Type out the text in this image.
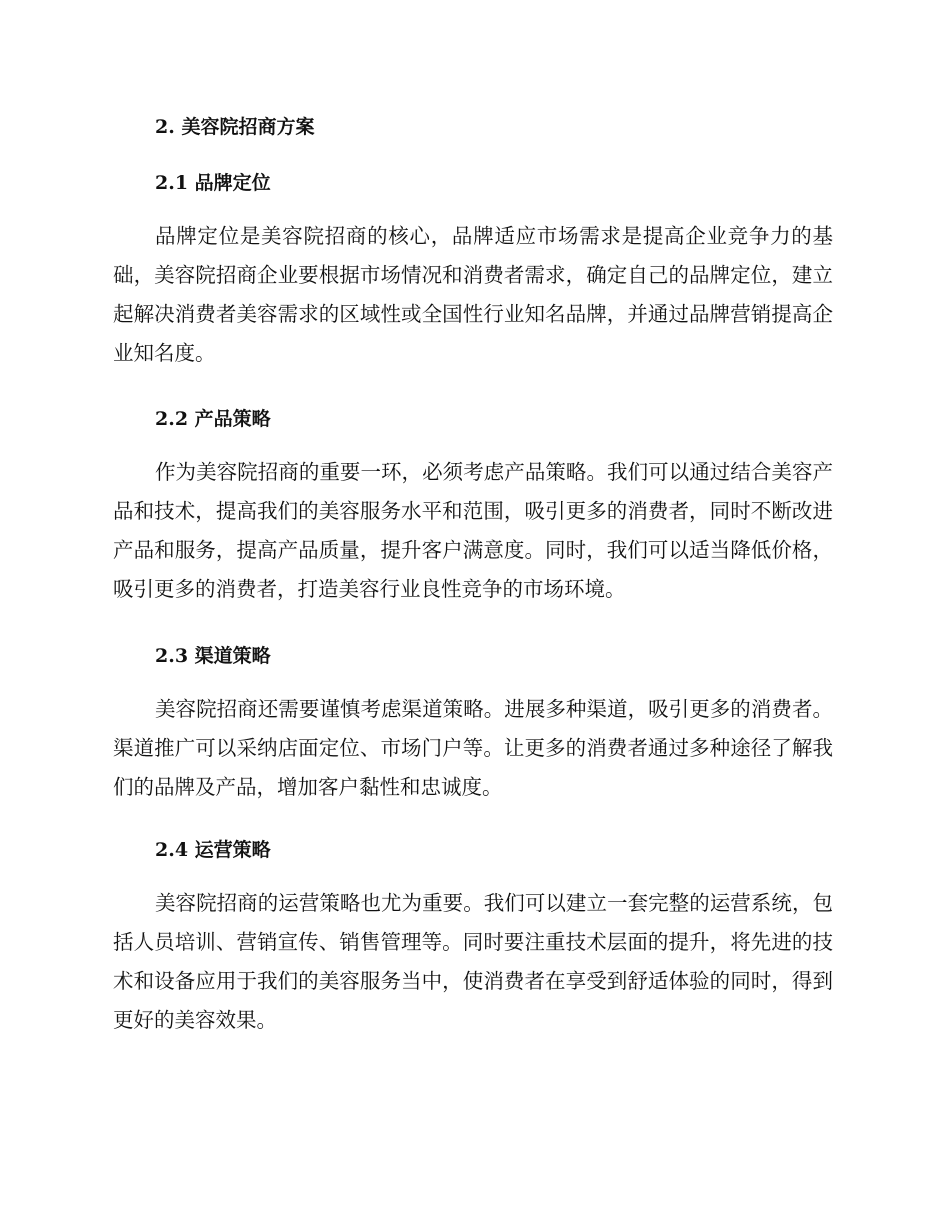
2. 美容院招商方案
2.1 品牌定位

品牌定位是美容院招商的核心，品牌适应市场需求是提高企业竞争力的基础，美容院招商企业要根据市场情况和消费者需求，确定自己的品牌定位，建立起解决消费者美容需求的区域性或全国性行业知名品牌，并通过品牌营销提高企业知名度。

2.2 产品策略

作为美容院招商的重要一环，必须考虑产品策略。我们可以通过结合美容产品和技术，提高我们的美容服务水平和范围，吸引更多的消费者，同时不断改进产品和服务，提高产品质量，提升客户满意度。同时，我们可以适当降低价格，吸引更多的消费者，打造美容行业良性竞争的市场环境。

2.3 渠道策略

美容院招商还需要谨慎考虑渠道策略。进展多种渠道，吸引更多的消费者。渠道推广可以采纳店面定位、市场门户等。让更多的消费者通过多种途径了解我们的品牌及产品，增加客户黏性和忠诚度。

2.4 运营策略

美容院招商的运营策略也尤为重要。我们可以建立一套完整的运营系统，包括人员培训、营销宣传、销售管理等。同时要注重技术层面的提升，将先进的技术和设备应用于我们的美容服务当中，使消费者在享受到舒适体验的同时，得到更好的美容效果。
